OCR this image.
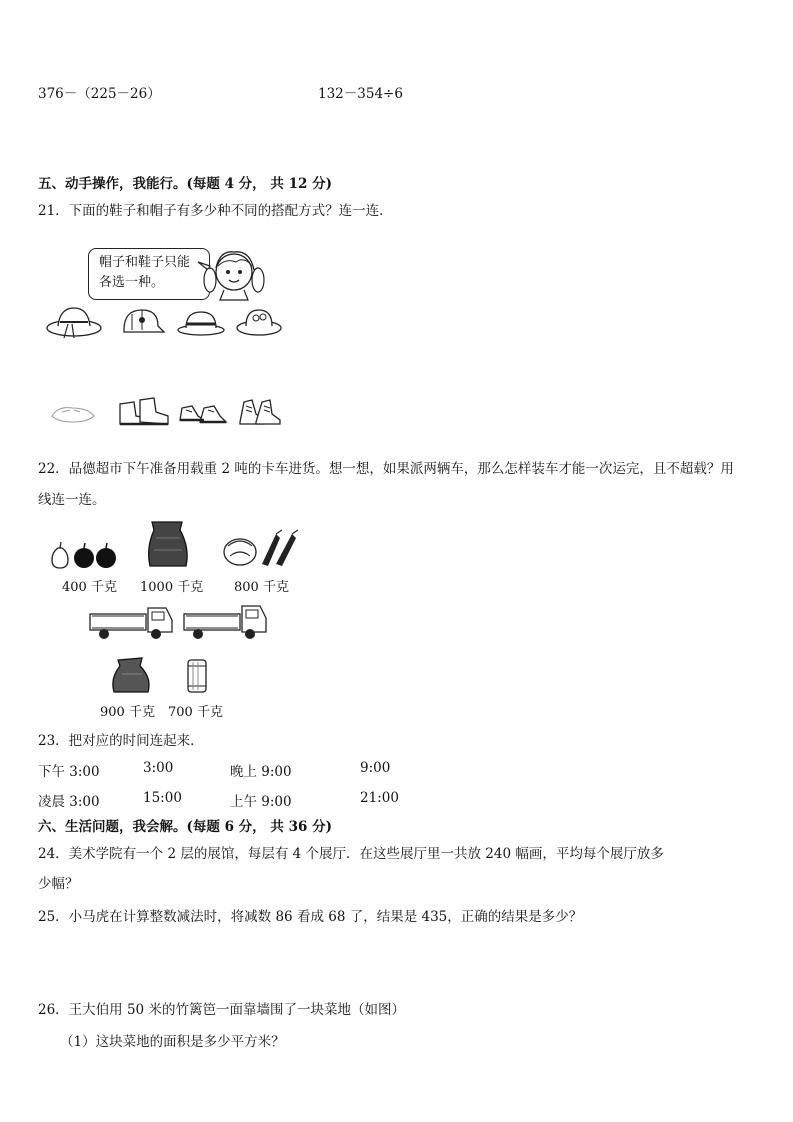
376－（225－26）	132－354÷6
五、动手操作，我能行。(每题 4 分， 共 12 分)
21．下面的鞋子和帽子有多少种不同的搭配方式？连一连．
帽子和鞋子只能
各选一种。
22．品德超市下午准备用载重 2 吨的卡车进货。想一想，如果派两辆车，那么怎样装车才能一次运完，且不超载？用
线连一连。
400 千克 1000 千克 800 千克
900 千克 700 千克
23．把对应的时间连起来．
下午 3:00	3:00	晚上 9:00	9:00
凌晨 3:00	15:00	上午 9:00	21:00
六、生活问题，我会解。(每题 6 分， 共 36 分)
24．美术学院有一个 2 层的展馆，每层有 4 个展厅．在这些展厅里一共放 240 幅画，平均每个展厅放多
少幅？
25．小马虎在计算整数减法时，将减数 86 看成 68 了，结果是 435，正确的结果是多少？
26．王大伯用 50 米的竹篱笆一面靠墙围了一块菜地（如图）
（1）这块菜地的面积是多少平方米？
